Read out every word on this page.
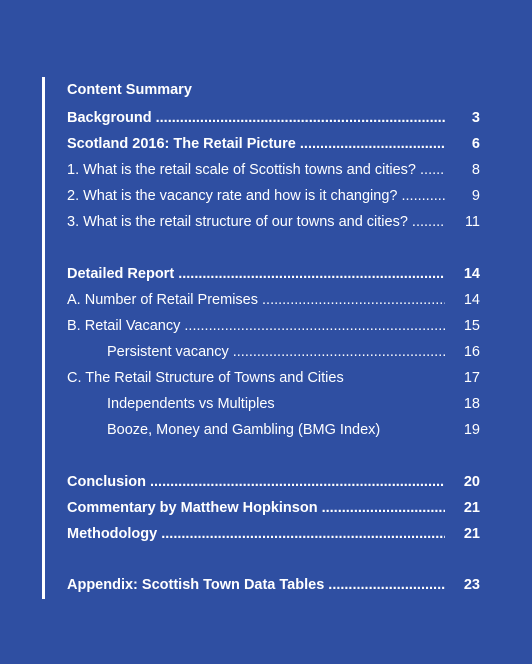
Content Summary
Background .....	3
Scotland 2016: The Retail Picture .....	6
1. What is the retail scale of Scottish towns and cities? .....	8
2. What is the vacancy rate and how is it changing? .....	9
3. What is the retail structure of our towns and cities? .....	11
Detailed Report .....	14
A. Number of Retail Premises .....	14
B. Retail Vacancy .....	15
Persistent vacancy .....	16
C. The Retail Structure of Towns and Cities	17
Independents vs Multiples	18
Booze, Money and Gambling (BMG Index)	19
Conclusion .....	20
Commentary by Matthew Hopkinson .....	21
Methodology .....	21
Appendix: Scottish Town Data Tables .....	23
